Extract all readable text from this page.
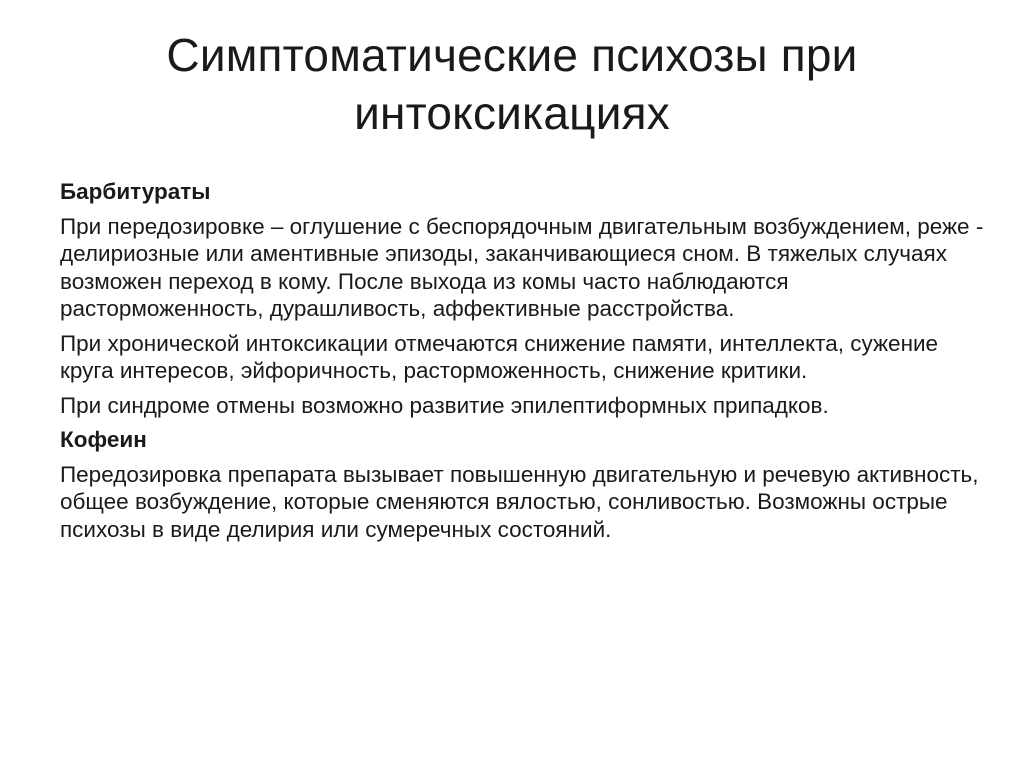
Симптоматические психозы при
интоксикациях
Барбитураты

При передозировке – оглушение с беспорядочным двигательным возбуждением, реже - делириозные или аментивные эпизоды, заканчивающиеся сном. В тяжелых случаях возможен переход в кому. После выхода из комы часто наблюдаются расторможенность, дурашливость, аффективные расстройства.

При хронической интоксикации отмечаются снижение памяти, интеллекта, сужение круга интересов, эйфоричность, расторможенность, снижение критики.

При синдроме отмены возможно развитие эпилептиформных припадков.

Кофеин

Передозировка препарата вызывает повышенную двигательную и речевую активность, общее возбуждение, которые сменяются вялостью, сонливостью. Возможны острые психозы в виде делирия или сумеречных состояний.
